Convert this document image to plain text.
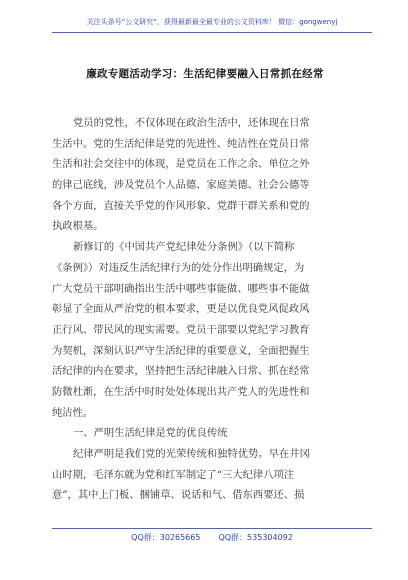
关注头条号“公文研究”，获得最新最全最专业的公文资料库！ 微信：gongwenyj
廉政专题活动学习：生活纪律要融入日常抓在经常
党员的党性，不仅体现在政治生活中，还体现在日常
生活中。党的生活纪律是党的先进性、纯洁性在党员日常
生活和社会交往中的体现，是党员在工作之余、单位之外
的律己底线，涉及党员个人品德、家庭美德、社会公德等
各个方面，直接关乎党的作风形象、党群干群关系和党的
执政根基。
新修订的《中国共产党纪律处分条例》（以下简称
《条例》）对违反生活纪律行为的处分作出明确规定，为
广大党员干部明确指出生活中哪些事能做、哪些事不能做
彰显了全面从严治党的根本要求，更是以优良党风促政风
正行风、带民风的现实需要。党员干部要以党纪学习教育
为契机，深刻认识严守生活纪律的重要意义，全面把握生
活纪律的内在要求，坚持把生活纪律融入日常、抓在经常
防微杜渐，在生活中时时处处体现出共产党人的先进性和
纯洁性。
一、严明生活纪律是党的优良传统
纪律严明是我们党的光荣传统和独特优势。早在井冈
山时期，毛泽东就为党和红军制定了“三大纪律八项注
意”，其中上门板、捆铺草、说话和气、借东西要还、损
QQ群：30265665 QQ群：535304092
